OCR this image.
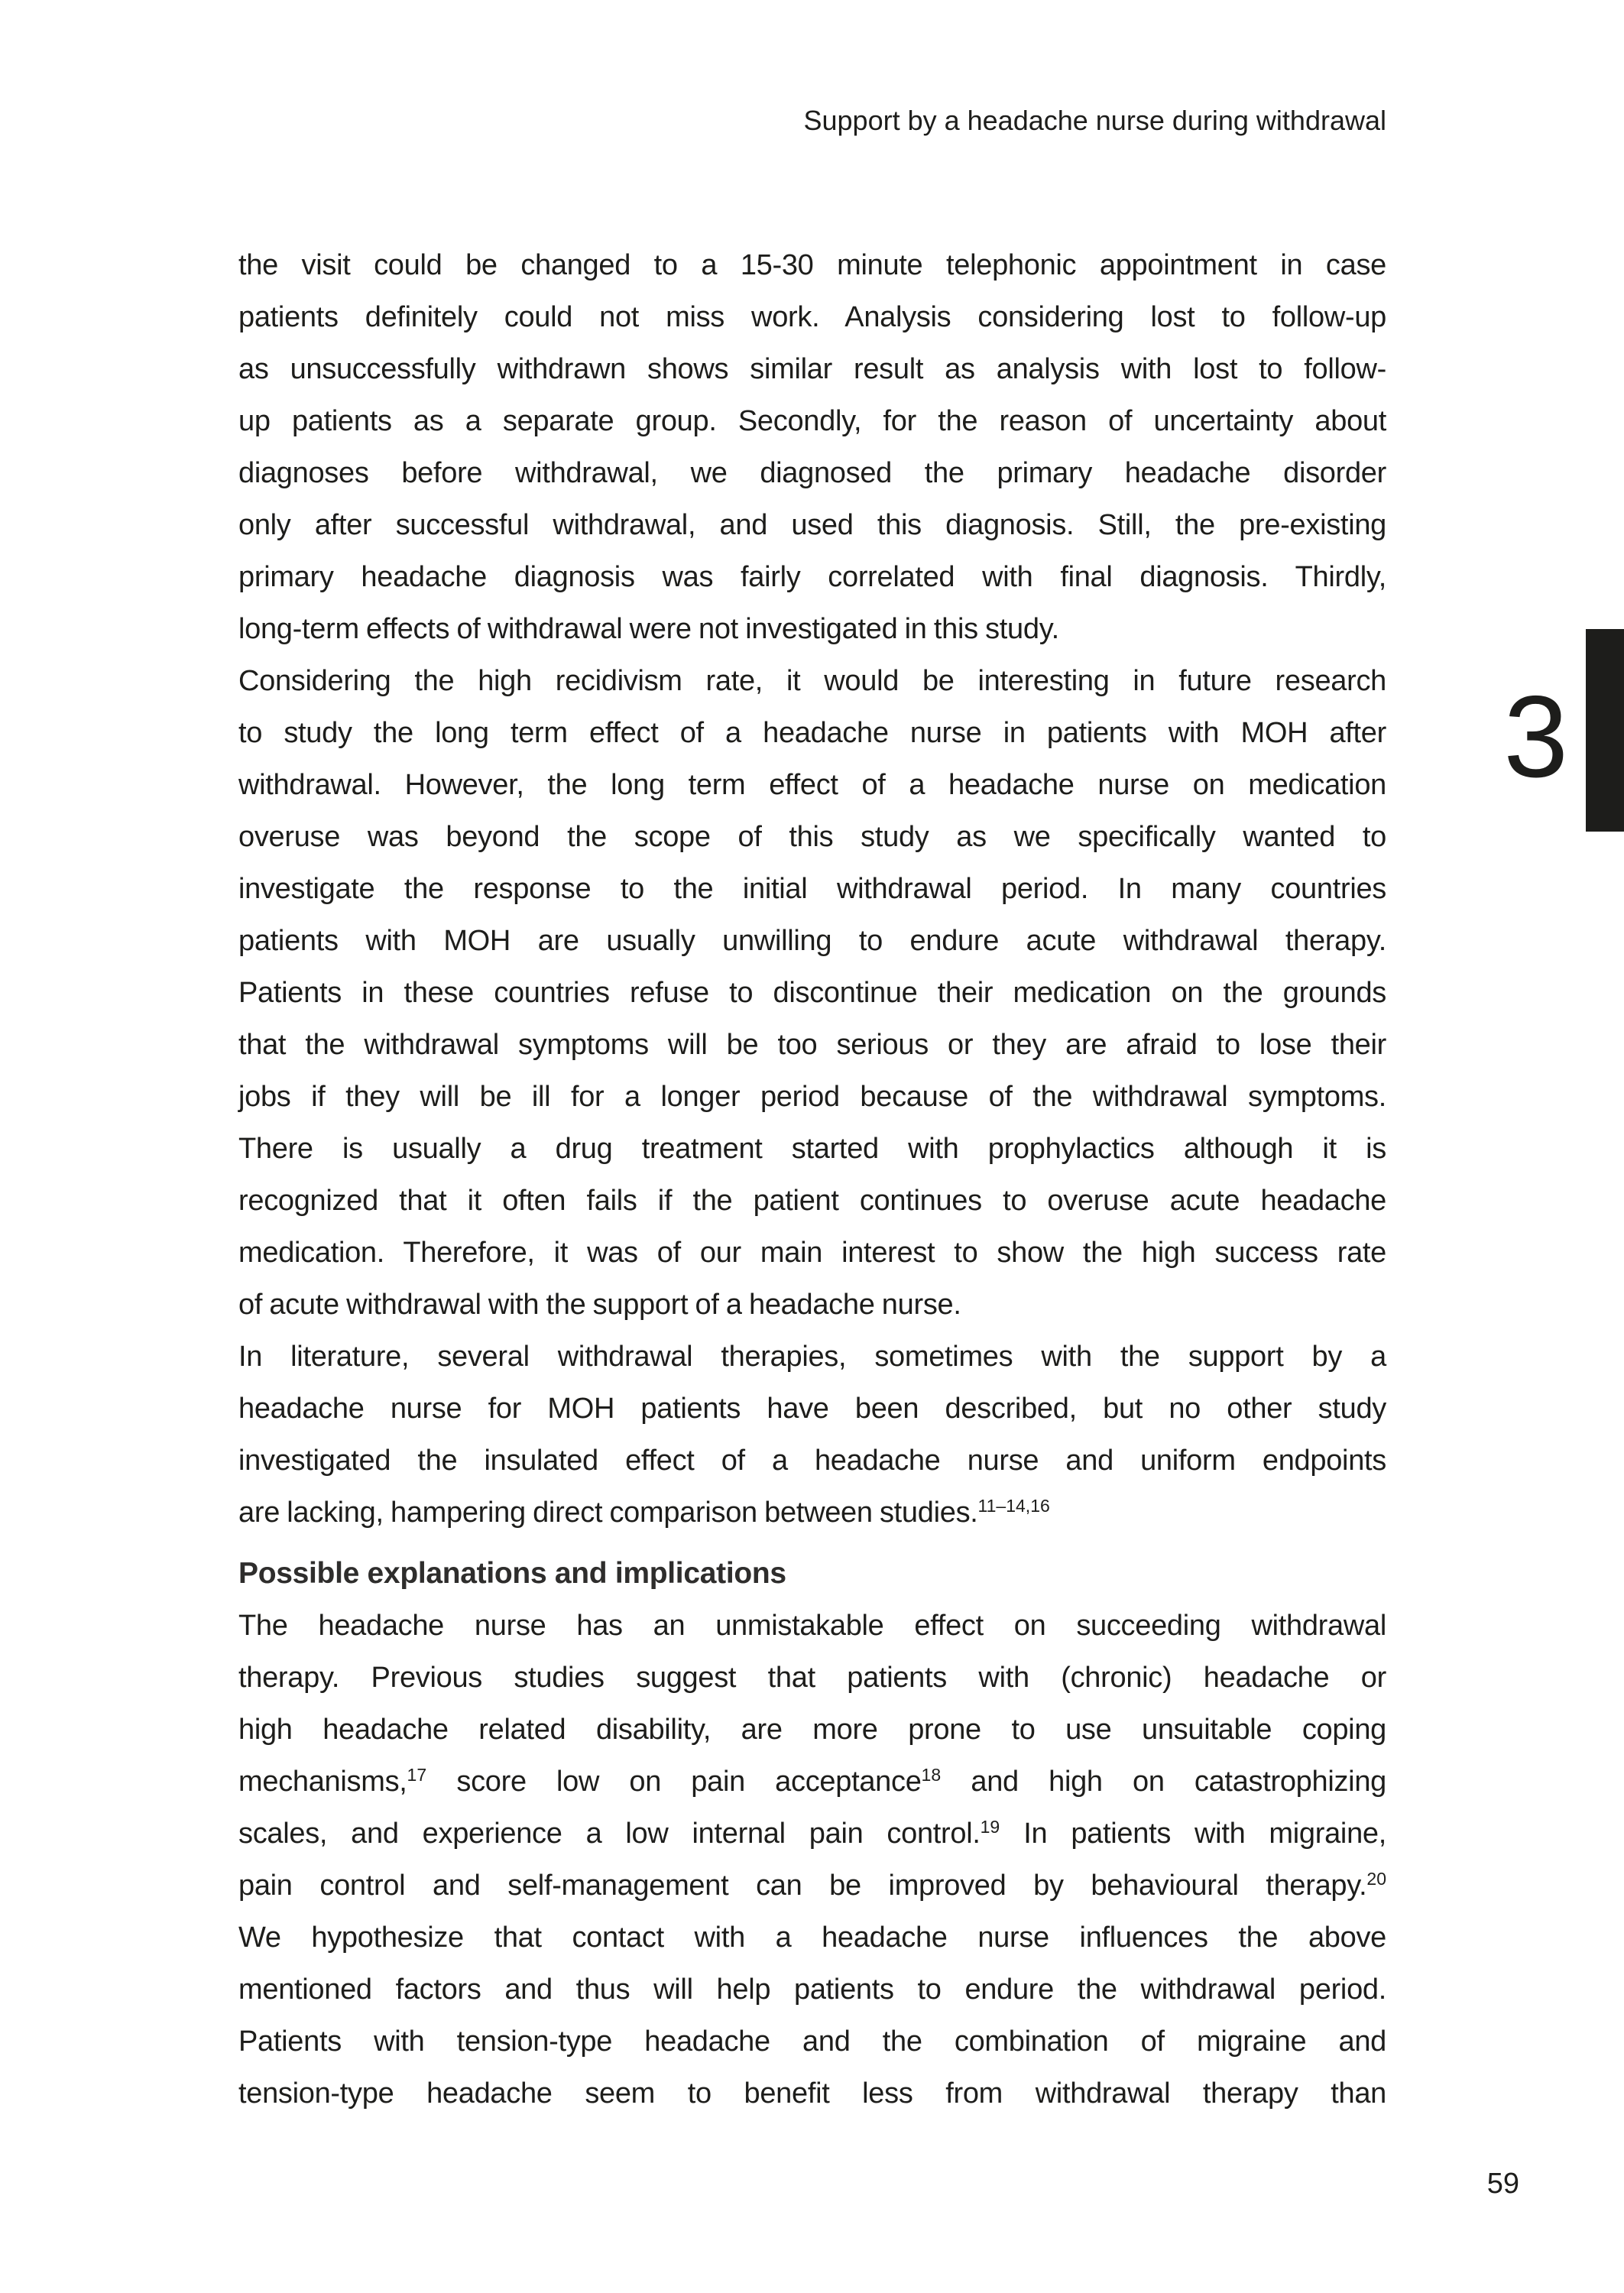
Support by a headache nurse during withdrawal
3
the visit could be changed to a 15-30 minute telephonic appointment in case
patients definitely could not miss work. Analysis considering lost to follow-up
as unsuccessfully withdrawn shows similar result as analysis with lost to follow-
up patients as a separate group. Secondly, for the reason of uncertainty about
diagnoses before withdrawal, we diagnosed the primary headache disorder
only after successful withdrawal, and used this diagnosis. Still, the pre-existing
primary headache diagnosis was fairly correlated with final diagnosis. Thirdly,
long-term effects of withdrawal were not investigated in this study.
Considering the high recidivism rate, it would be interesting in future research
to study the long term effect of a headache nurse in patients with MOH after
withdrawal. However, the long term effect of a headache nurse on medication
overuse was beyond the scope of this study as we specifically wanted to
investigate the response to the initial withdrawal period. In many countries
patients with MOH are usually unwilling to endure acute withdrawal therapy.
Patients in these countries refuse to discontinue their medication on the grounds
that the withdrawal symptoms will be too serious or they are afraid to lose their
jobs if they will be ill for a longer period because of the withdrawal symptoms.
There is usually a drug treatment started with prophylactics although it is
recognized that it often fails if the patient continues to overuse acute headache
medication. Therefore, it was of our main interest to show the high success rate
of acute withdrawal with the support of a headache nurse.
In literature, several withdrawal therapies, sometimes with the support by a
headache nurse for MOH patients have been described, but no other study
investigated the insulated effect of a headache nurse and uniform endpoints
are lacking, hampering direct comparison between studies.$^{11-14,16}$
Possible explanations and implications
The headache nurse has an unmistakable effect on succeeding withdrawal
therapy. Previous studies suggest that patients with (chronic) headache or
high headache related disability, are more prone to use unsuitable coping
mechanisms,$^{17}$ score low on pain acceptance$^{18}$ and high on catastrophizing
scales, and experience a low internal pain control.$^{19}$ In patients with migraine,
pain control and self-management can be improved by behavioural therapy.$^{20}$
We hypothesize that contact with a headache nurse influences the above
mentioned factors and thus will help patients to endure the withdrawal period.
Patients with tension-type headache and the combination of migraine and
tension-type headache seem to benefit less from withdrawal therapy than
59
